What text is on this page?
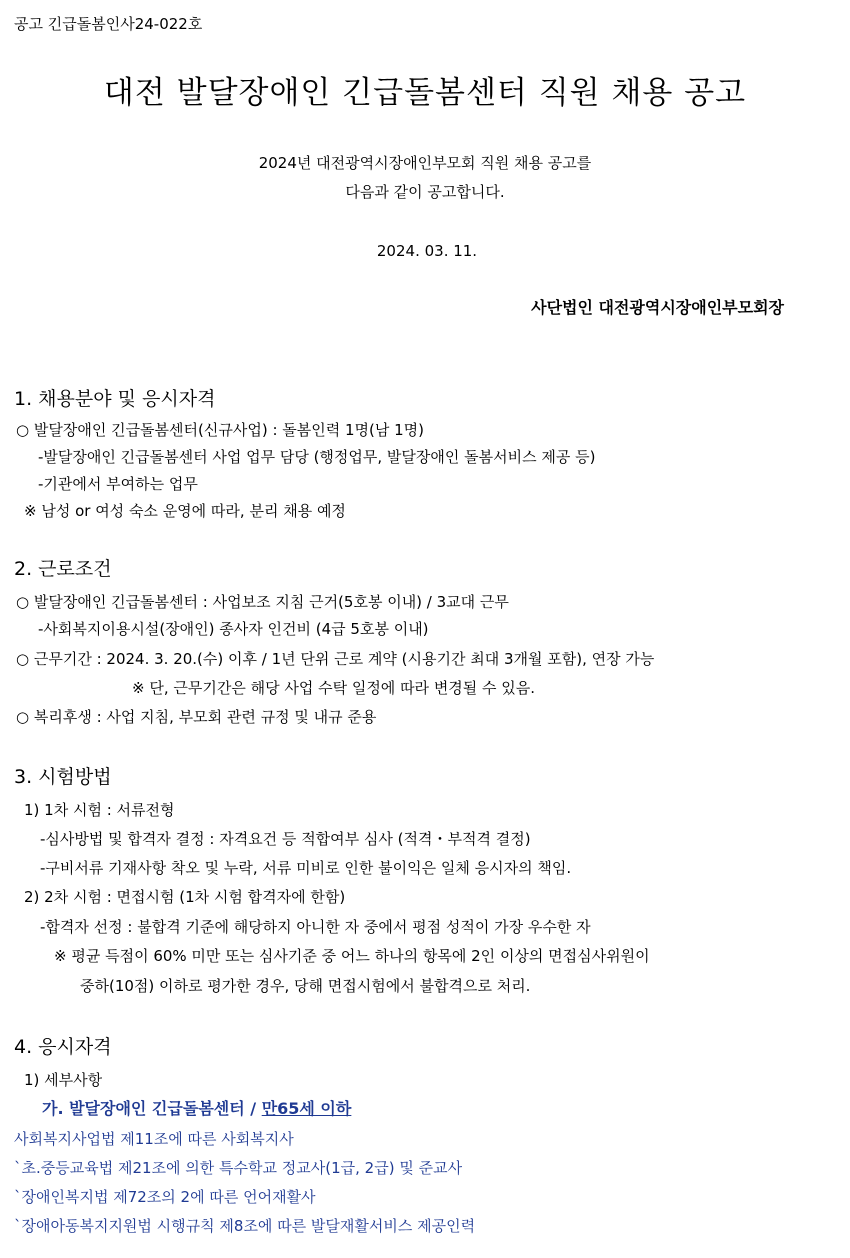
공고 긴급돌봄인사24-022호
대전 발달장애인 긴급돌봄센터 직원 채용 공고
2024년 대전광역시장애인부모회 직원 채용 공고를
다음과 같이 공고합니다.
2024. 03. 11.
사단법인 대전광역시장애인부모회장
1. 채용분야 및 응시자격
○ 발달장애인 긴급돌봄센터(신규사업) : 돌봄인력 1명(남 1명)
-발달장애인 긴급돌봄센터 사업 업무 담당 (행정업무, 발달장애인 돌봄서비스 제공 등)
-기관에서 부여하는 업무
※ 남성 or 여성 숙소 운영에 따라, 분리 채용 예정
2. 근로조건
○ 발달장애인 긴급돌봄센터 : 사업보조 지침 근거(5호봉 이내) / 3교대 근무
-사회복지이용시설(장애인) 종사자 인건비 (4급 5호봉 이내)
○ 근무기간 : 2024. 3. 20.(수) 이후 / 1년 단위 근로 계약 (시용기간 최대 3개월 포함), 연장 가능
※ 단, 근무기간은 해당 사업 수탁 일정에 따라 변경될 수 있음.
○ 복리후생 : 사업 지침, 부모회 관련 규정 및 내규 준용
3. 시험방법
1) 1차 시험 : 서류전형
-심사방법 및 합격자 결정 : 자격요건 등 적합여부 심사 (적격・부적격 결정)
-구비서류 기재사항 착오 및 누락, 서류 미비로 인한 불이익은 일체 응시자의 책임.
2) 2차 시험 : 면접시험 (1차 시험 합격자에 한함)
-합격자 선정 : 불합격 기준에 해당하지 아니한 자 중에서 평점 성적이 가장 우수한 자
※ 평균 득점이 60% 미만 또는 심사기준 중 어느 하나의 항목에 2인 이상의 면접심사위원이
중하(10점) 이하로 평가한 경우, 당해 면접시험에서 불합격으로 처리.
4. 응시자격
1) 세부사항
가. 발달장애인 긴급돌봄센터 / 만65세 이하
사회복지사업법 제11조에 따른 사회복지사
`초.중등교육법 제21조에 의한 특수학교 정교사(1급, 2급) 및 준교사
`장애인복지법 제72조의 2에 따른 언어재활사
`장애아동복지지원법 시행규칙 제8조에 따른 발달재활서비스 제공인력
